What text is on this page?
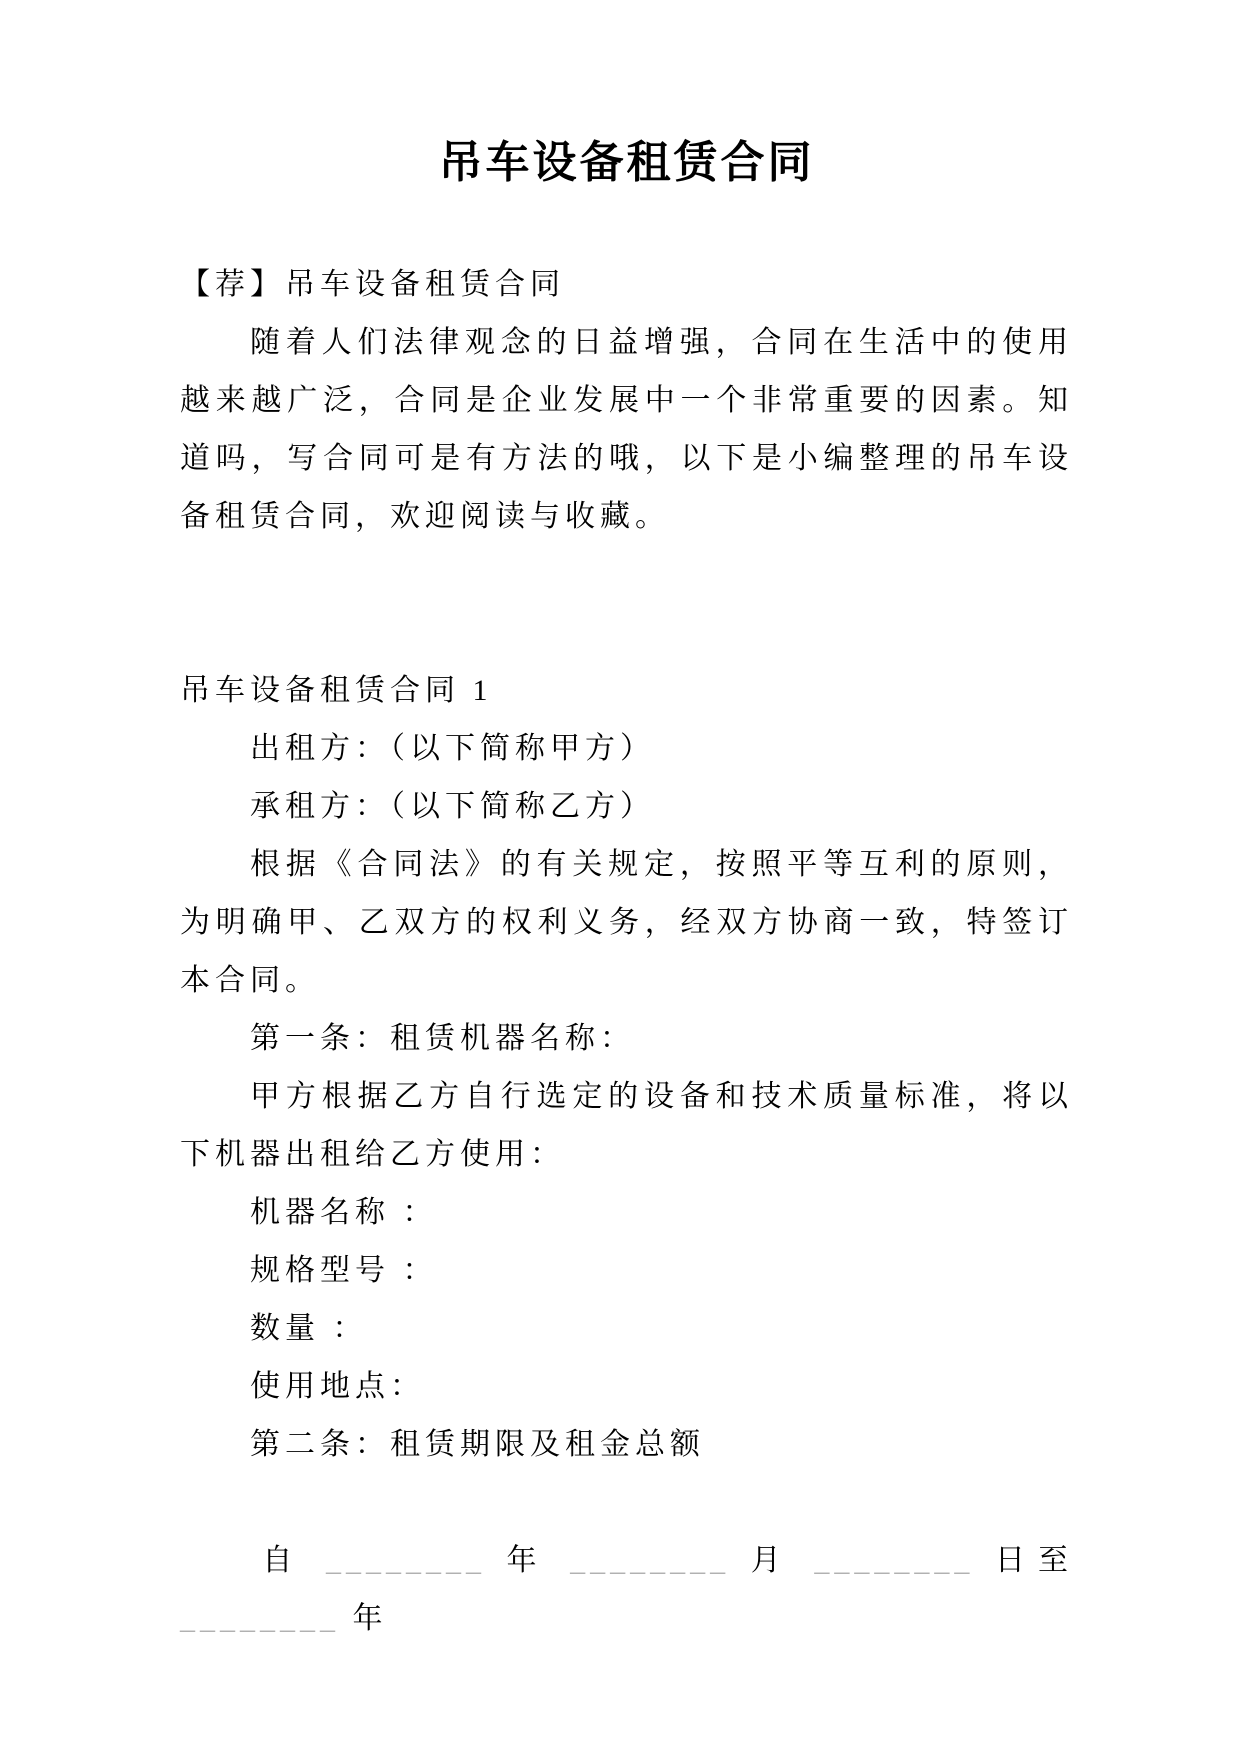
吊车设备租赁合同

【荐】吊车设备租赁合同

随着人们法律观念的日益增强，合同在生活中的使用越来越广泛，合同是企业发展中一个非常重要的因素。知道吗，写合同可是有方法的哦，以下是小编整理的吊车设备租赁合同，欢迎阅读与收藏。

吊车设备租赁合同 1

出租方：（以下简称甲方）

承租方：（以下简称乙方）

根据《合同法》的有关规定，按照平等互利的原则，为明确甲、乙双方的权利义务，经双方协商一致，特签订本合同。

第一条：租赁机器名称：

甲方根据乙方自行选定的设备和技术质量标准，将以下机器出租给乙方使用：

机器名称 ：

规格型号 ：

数量 ：

使用地点：

第二条：租赁期限及租金总额

自 ________ 年 ________ 月 ________ 日至 ________ 年
